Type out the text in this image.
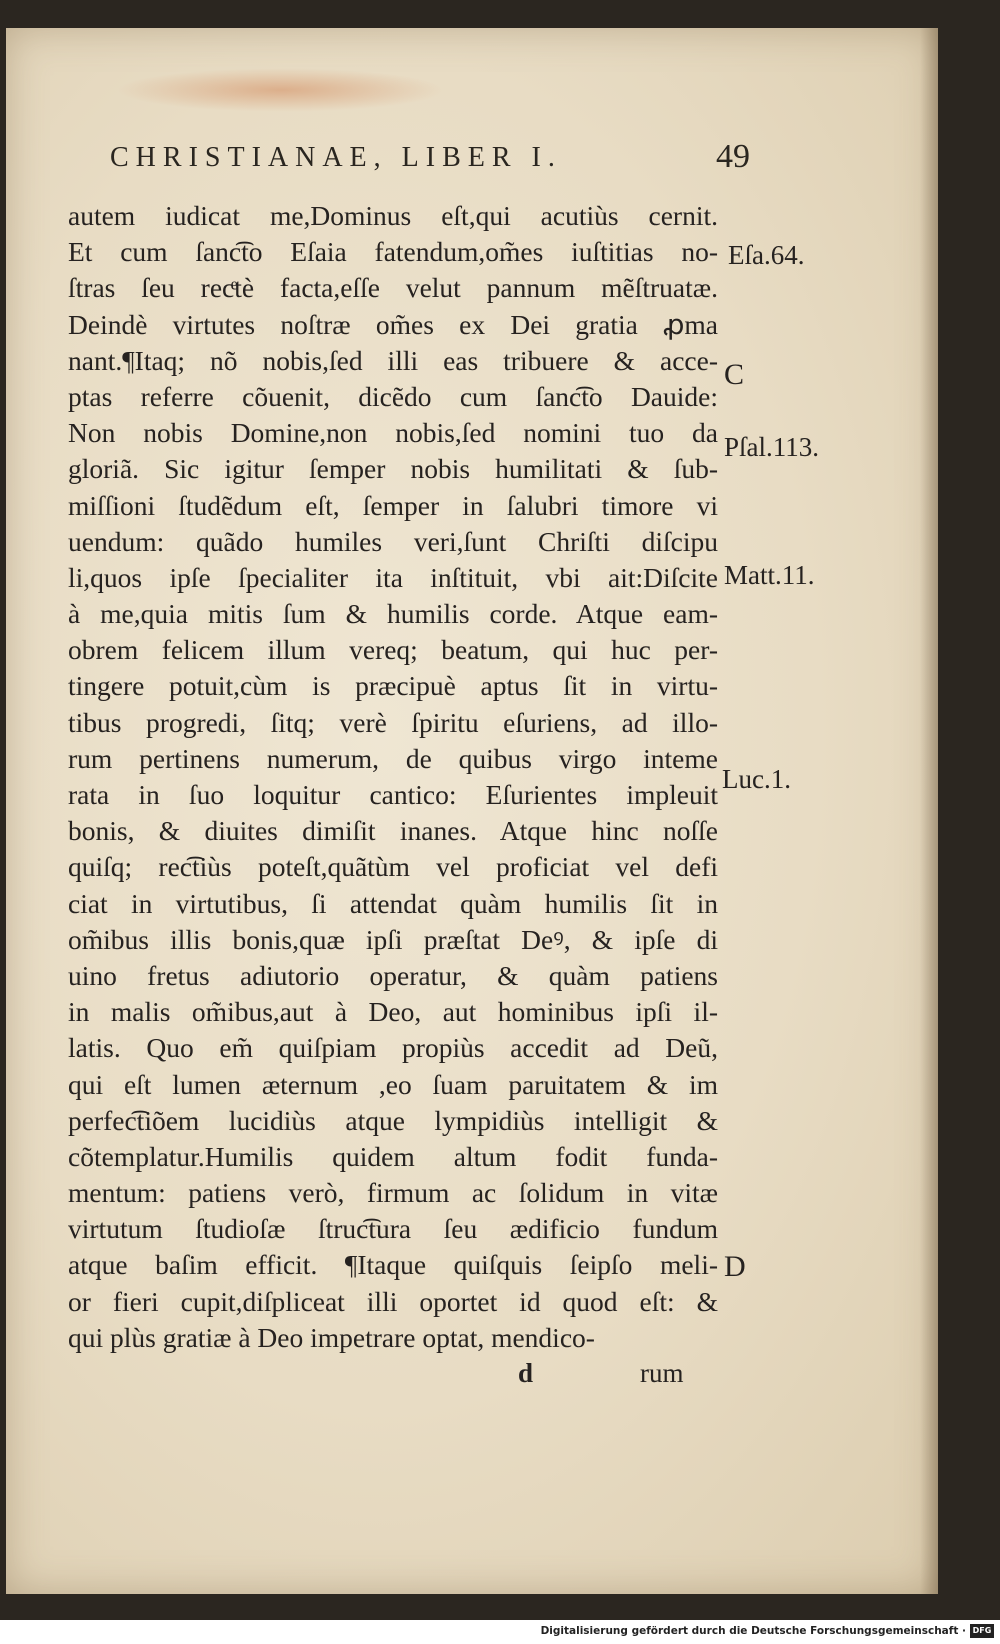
CHRISTIANAE, LIBER I.	49
autem iudicat me,Dominus eſt,qui acutiùs cernit.
Et cum ſanc͡to Eſaia fatendum,om̃es iuſtitias no-
ſtras ſeu recͤtè facta,eſſe velut pannum mẽſtruatæ.
Deindè virtutes noſtræ om̃es ex Dei gratia ꝓma
nant.¶Itaq; nõ nobis,ſed illi eas tribuere & acce-
ptas referre cõuenit, dicẽdo cum ſanc͡to Dauide:
Non nobis Domine,non nobis,ſed nomini tuo da
gloriã. Sic igitur ſemper nobis humilitati & ſub-
miſſioni ſtudẽdum eſt, ſemper in ſalubri timore vi
uendum: quãdo humiles veri,ſunt Chriſti diſcipu
li,quos ipſe ſpecialiter ita inſtituit, vbi ait:Diſcite
à me,quia mitis ſum & humilis corde. Atque eam-
obrem felicem illum vereq; beatum, qui huc per-
tingere potuit,cùm is præcipuè aptus ſit in virtu-
tibus progredi, ſitq; verè ſpiritu eſuriens, ad illo-
rum pertinens numerum, de quibus virgo inteme
rata in ſuo loquitur cantico: Eſurientes impleuit
bonis, & diuites dimiſit inanes. Atque hinc noſſe
quiſq; rec͡tiùs poteſt,quãtùm vel proficiat vel defi
ciat in virtutibus, ſi attendat quàm humilis ſit in
om̃ibus illis bonis,quæ ipſi præſtat Deꝰ, & ipſe di
uino fretus adiutorio operatur, & quàm patiens
in malis om̃ibus,aut à Deo, aut hominibus ipſi il-
latis. Quo em̃ quiſpiam propiùs accedit ad Deũ,
qui eſt lumen æternum ,eo ſuam paruitatem & im
perfec͡tiõem lucidiùs atque lympidiùs intelligit &
cõtemplatur.Humilis quidem altum fodit funda-
mentum: patiens verò, firmum ac ſolidum in vitæ
virtutum ſtudioſæ ſtruc͡tura ſeu ædificio fundum
atque baſim efficit. ¶Itaque quiſquis ſeipſo meli-
or fieri cupit,diſpliceat illi oportet id quod eſt: &
qui plùs gratiæ à Deo impetrare optat, mendico-
d	rum
Eſa.64.
C
Pſal.113.
Matt.11.
Luc.1.
D
Digitalisierung gefördert durch die Deutsche Forschungsgemeinschaft · DFG
